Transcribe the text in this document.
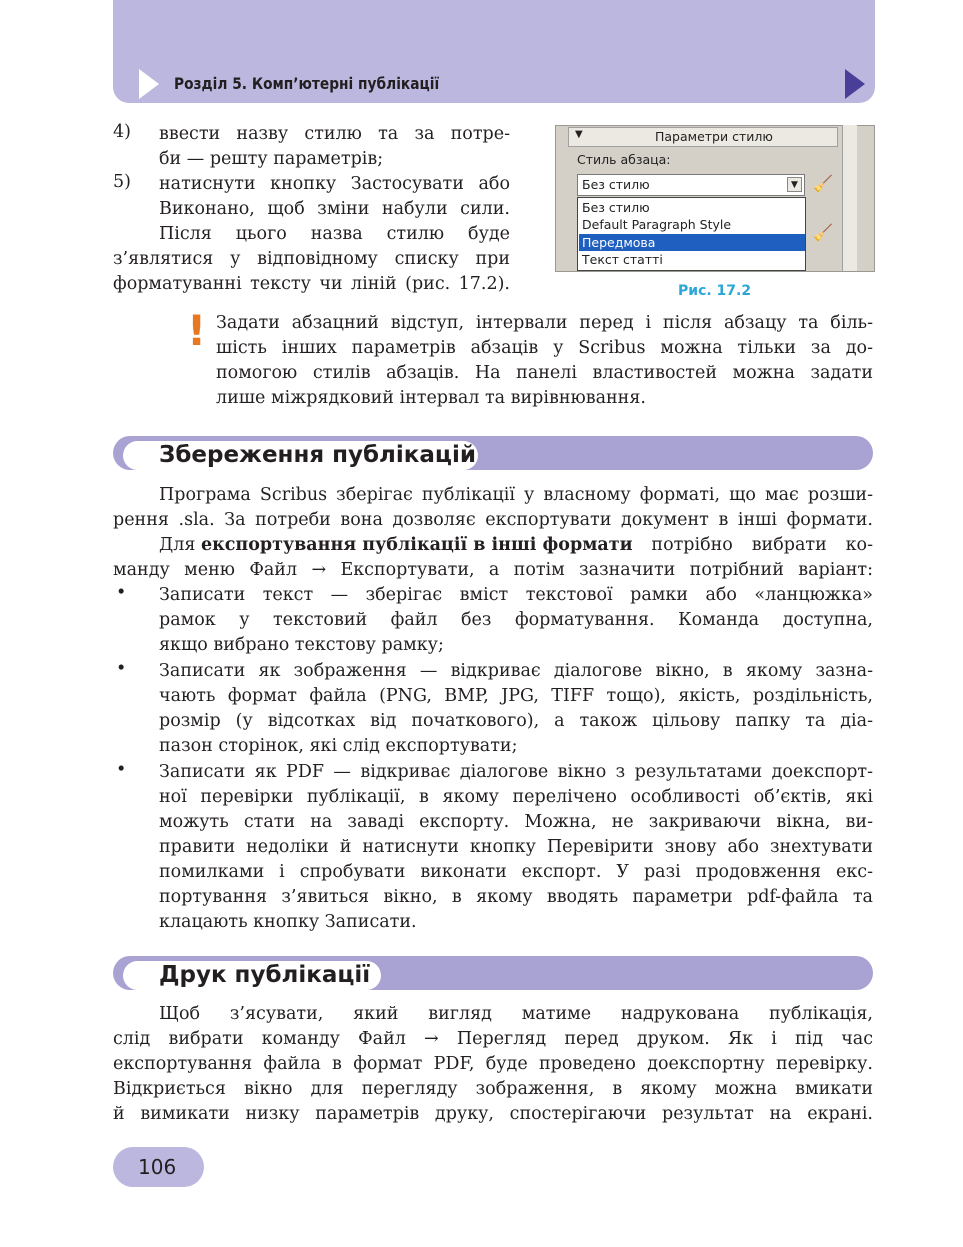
Розділ 5. Комп’ютерні публікації
4) ввести назву стилю та за потре-
би — решту параметрів;
5) натиснути кнопку Застосувати або
Виконано, щоб зміни набули сили.
Після цього назва стилю буде
з’являтися у відповідному списку при
форматуванні тексту чи ліній (рис. 17.2).
▼	Параметри стилю
Стиль абзаца:
Без стилю	▼ 🧹
🧹
Без стилю
Default Paragraph Style
Передмова
Текст статті
Рис. 17.2
! Задати абзацний відступ, інтервали перед і після абзацу та біль-
шість інших параметрів абзаців у Scribus можна тільки за до-
помогою стилів абзаців. На панелі властивостей можна задати
лише міжрядковий інтервал та вирівнювання.
Збереження публікацій
Програма Scribus зберігає публікації у власному форматі, що має розши-
рення .sla. За потреби вона дозволяє експортувати документ в інші формати.
Для експортування публікації в інші формати потрібно вибрати ко-
манду меню Файл → Експортувати, а потім зазначити потрібний варіант:
• Записати текст — зберігає вміст текстової рамки або «ланцюжка»
рамок у текстовий файл без форматування. Команда доступна,
якщо вибрано текстову рамку;
• Записати як зображення — відкриває діалогове вікно, в якому зазна-
чають формат файла (PNG, BMP, JPG, TIFF тощо), якість, роздільність,
розмір (у відсотках від початкового), а також цільову папку та діа-
пазон сторінок, які слід експортувати;
• Записати як PDF — відкриває діалогове вікно з результатами доекспорт-
ної перевірки публікації, в якому перелічено особливості об’єктів, які
можуть стати на заваді експорту. Можна, не закриваючи вікна, ви-
правити недоліки й натиснути кнопку Перевірити знову або знехтувати
помилками і спробувати виконати експорт. У разі продовження екс-
портування з’явиться вікно, в якому вводять параметри pdf-файла та
клацають кнопку Записати.
Друк публікації
Щоб з’ясувати, який вигляд матиме надрукована публікація,
слід вибрати команду Файл → Перегляд перед друком. Як і під час
експортування файла в формат PDF, буде проведено доекспортну перевірку.
Відкриється вікно для перегляду зображення, в якому можна вмикати
й вимикати низку параметрів друку, спостерігаючи результат на екрані.
106
